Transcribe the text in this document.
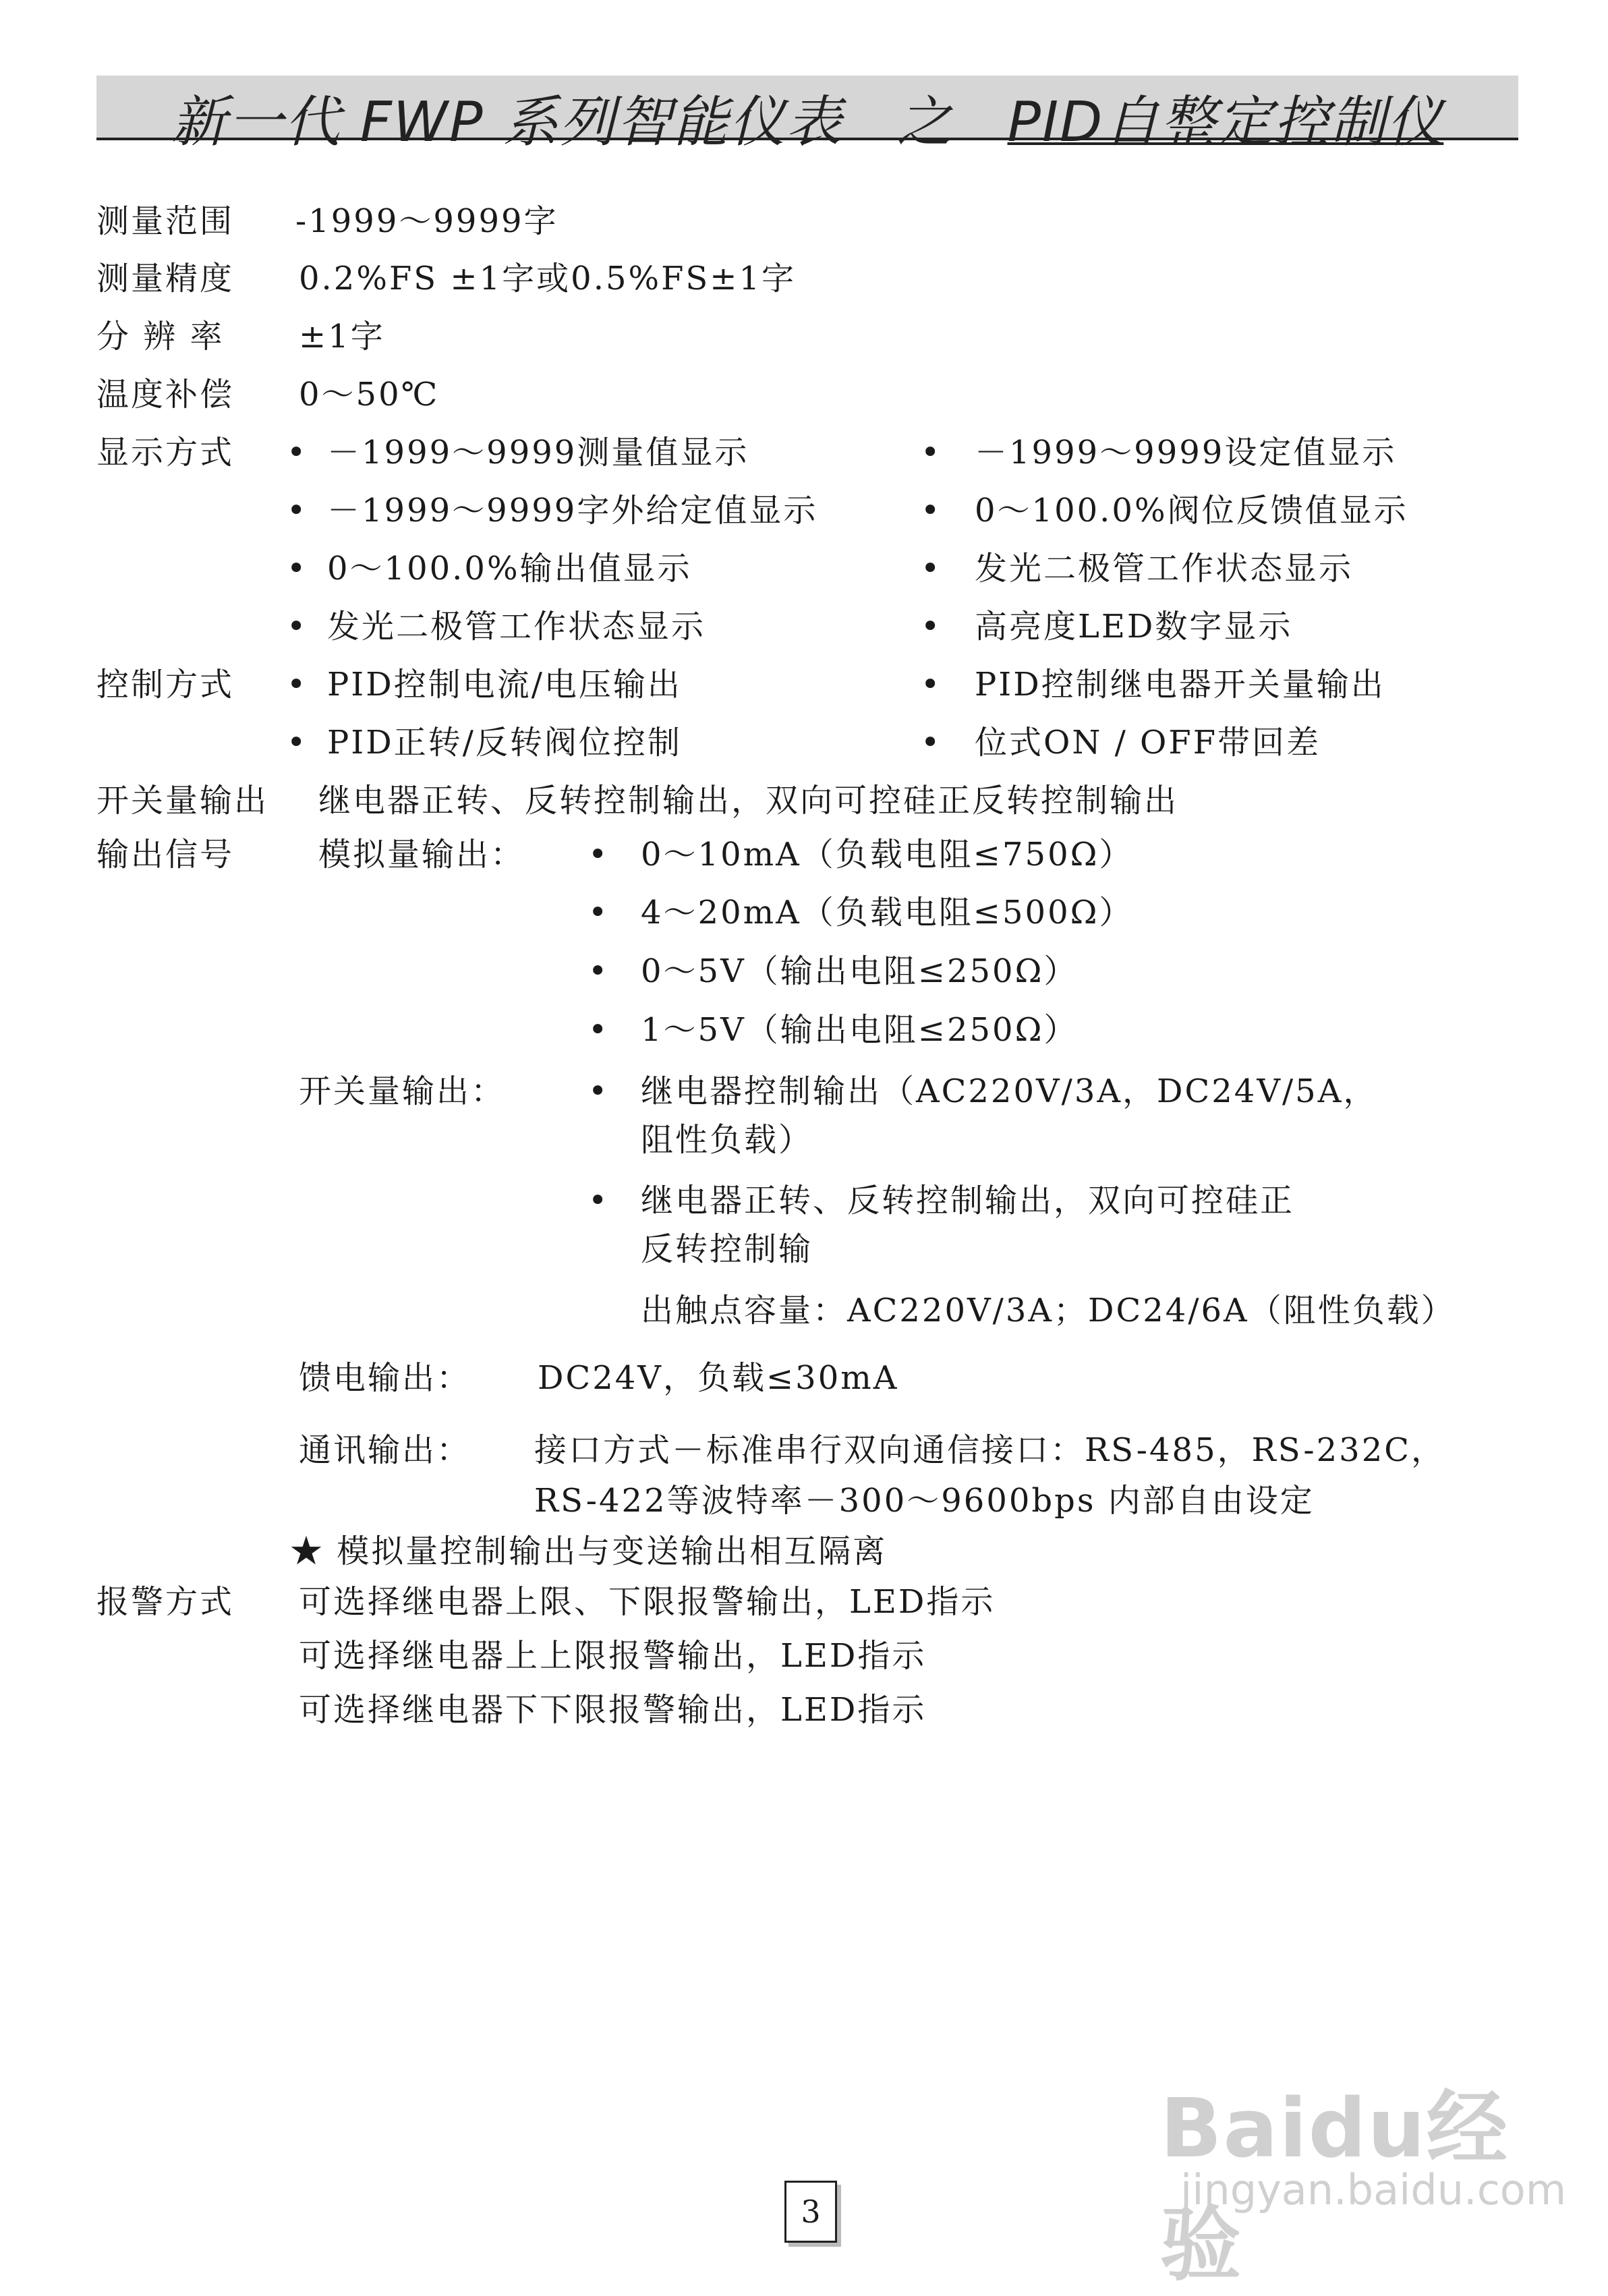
新一代 FWP 系列智能仪表 之 PID自整定控制仪
测量范围 -1999～9999字
测量精度 0.2%FS ±1字或0.5%FS±1字
分 辨 率 ±1字
温度补偿 0～50℃
显示方式 • －1999～9999测量值显示	• －1999～9999设定值显示
• －1999～9999字外给定值显示	• 0～100.0%阀位反馈值显示
• 0～100.0%输出值显示	• 发光二极管工作状态显示
• 发光二极管工作状态显示	• 高亮度LED数字显示
控制方式 • PID控制电流/电压输出	• PID控制继电器开关量输出
• PID正转/反转阀位控制	• 位式ON / OFF带回差
开关量输出 继电器正转、反转控制输出，双向可控硅正反转控制输出
输出信号	模拟量输出： • 0～10mA（负载电阻≤750Ω）
• 4～20mA（负载电阻≤500Ω）
• 0～5V（输出电阻≤250Ω）
• 1～5V（输出电阻≤250Ω）
开关量输出：	• 继电器控制输出（AC220V/3A，DC24V/5A，
阻性负载）
• 继电器正转、反转控制输出，双向可控硅正
反转控制输
出触点容量：AC220V/3A；DC24/6A（阻性负载）
馈电输出： DC24V，负载≤30mA
通讯输出： 接口方式－标准串行双向通信接口：RS-485，RS-232C，
RS-422等波特率－300～9600bps 内部自由设定
★ 模拟量控制输出与变送输出相互隔离
报警方式 可选择继电器上限、下限报警输出，LED指示
可选择继电器上上限报警输出，LED指示
可选择继电器下下限报警输出，LED指示
Baidu经验
jingyan.baidu.com
3
